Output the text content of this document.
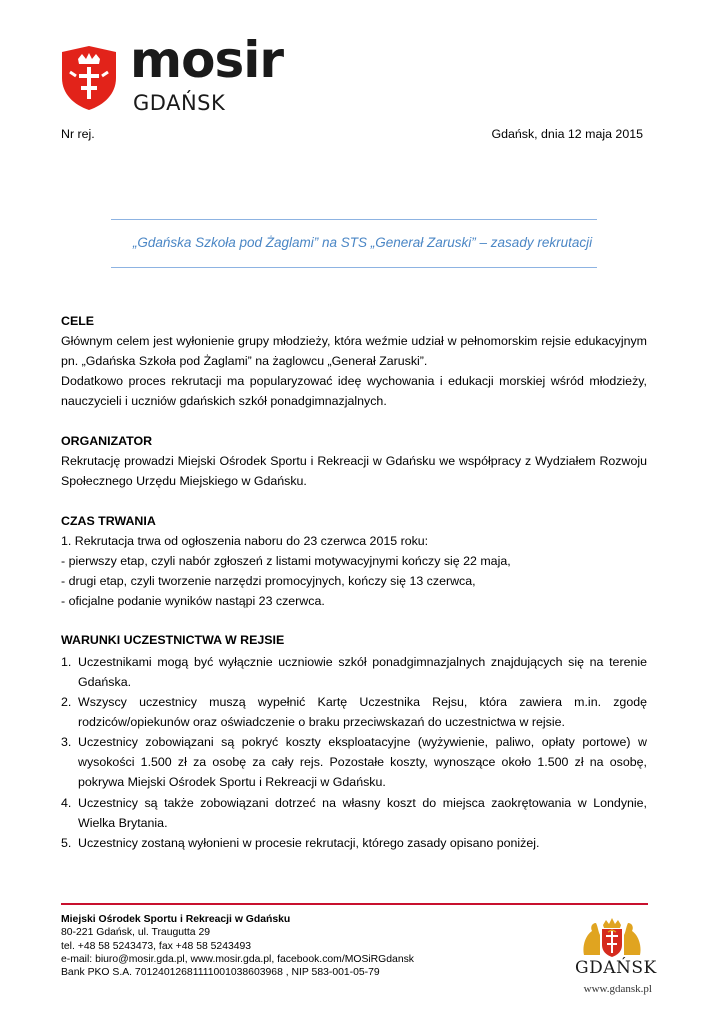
mosir
GDAŃSK
Nr rej.	Gdańsk, dnia 12 maja 2015
„Gdańska Szkoła pod Żaglami” na STS „Generał Zaruski” – zasady rekrutacji
CELE
Głównym celem jest wyłonienie grupy młodzieży, która weźmie udział w pełnomorskim rejsie edukacyjnym pn. „Gdańska Szkoła pod Żaglami” na żaglowcu „Generał Zaruski”.
Dodatkowo proces rekrutacji ma popularyzować ideę wychowania i edukacji morskiej wśród młodzieży, nauczycieli i uczniów gdańskich szkół ponadgimnazjalnych.
ORGANIZATOR
Rekrutację prowadzi Miejski Ośrodek Sportu i Rekreacji w Gdańsku we współpracy z Wydziałem Rozwoju Społecznego Urzędu Miejskiego w Gdańsku.
CZAS TRWANIA
1. Rekrutacja trwa od ogłoszenia naboru do 23 czerwca 2015 roku:
- pierwszy etap, czyli nabór zgłoszeń z listami motywacyjnymi kończy się 22 maja,
- drugi etap, czyli tworzenie narzędzi promocyjnych, kończy się 13 czerwca,
- oficjalne podanie wyników nastąpi 23 czerwca.
WARUNKI UCZESTNICTWA W REJSIE
1. Uczestnikami mogą być wyłącznie uczniowie szkół ponadgimnazjalnych znajdujących się na terenie Gdańska.
2. Wszyscy uczestnicy muszą wypełnić Kartę Uczestnika Rejsu, która zawiera m.in. zgodę rodziców/opiekunów oraz oświadczenie o braku przeciwskazań do uczestnictwa w rejsie.
3. Uczestnicy zobowiązani są pokryć koszty eksploatacyjne (wyżywienie, paliwo, opłaty portowe) w wysokości 1.500 zł za osobę za cały rejs. Pozostałe koszty, wynoszące około 1.500 zł na osobę, pokrywa Miejski Ośrodek Sportu i Rekreacji w Gdańsku.
4. Uczestnicy są także zobowiązani dotrzeć na własny koszt do miejsca zaokrętowania w Londynie, Wielka Brytania.
5. Uczestnicy zostaną wyłonieni w procesie rekrutacji, którego zasady opisano poniżej.
Miejski Ośrodek Sportu i Rekreacji w Gdańsku
80-221 Gdańsk, ul. Traugutta 29
tel. +48 58 5243473, fax +48 58 5243493
e-mail: biuro@mosir.gda.pl, www.mosir.gda.pl, facebook.com/MOSiRGdansk
Bank PKO S.A. 70124012681111001038603968 , NIP 583-001-05-79	GDAŃSK
www.gdansk.pl
